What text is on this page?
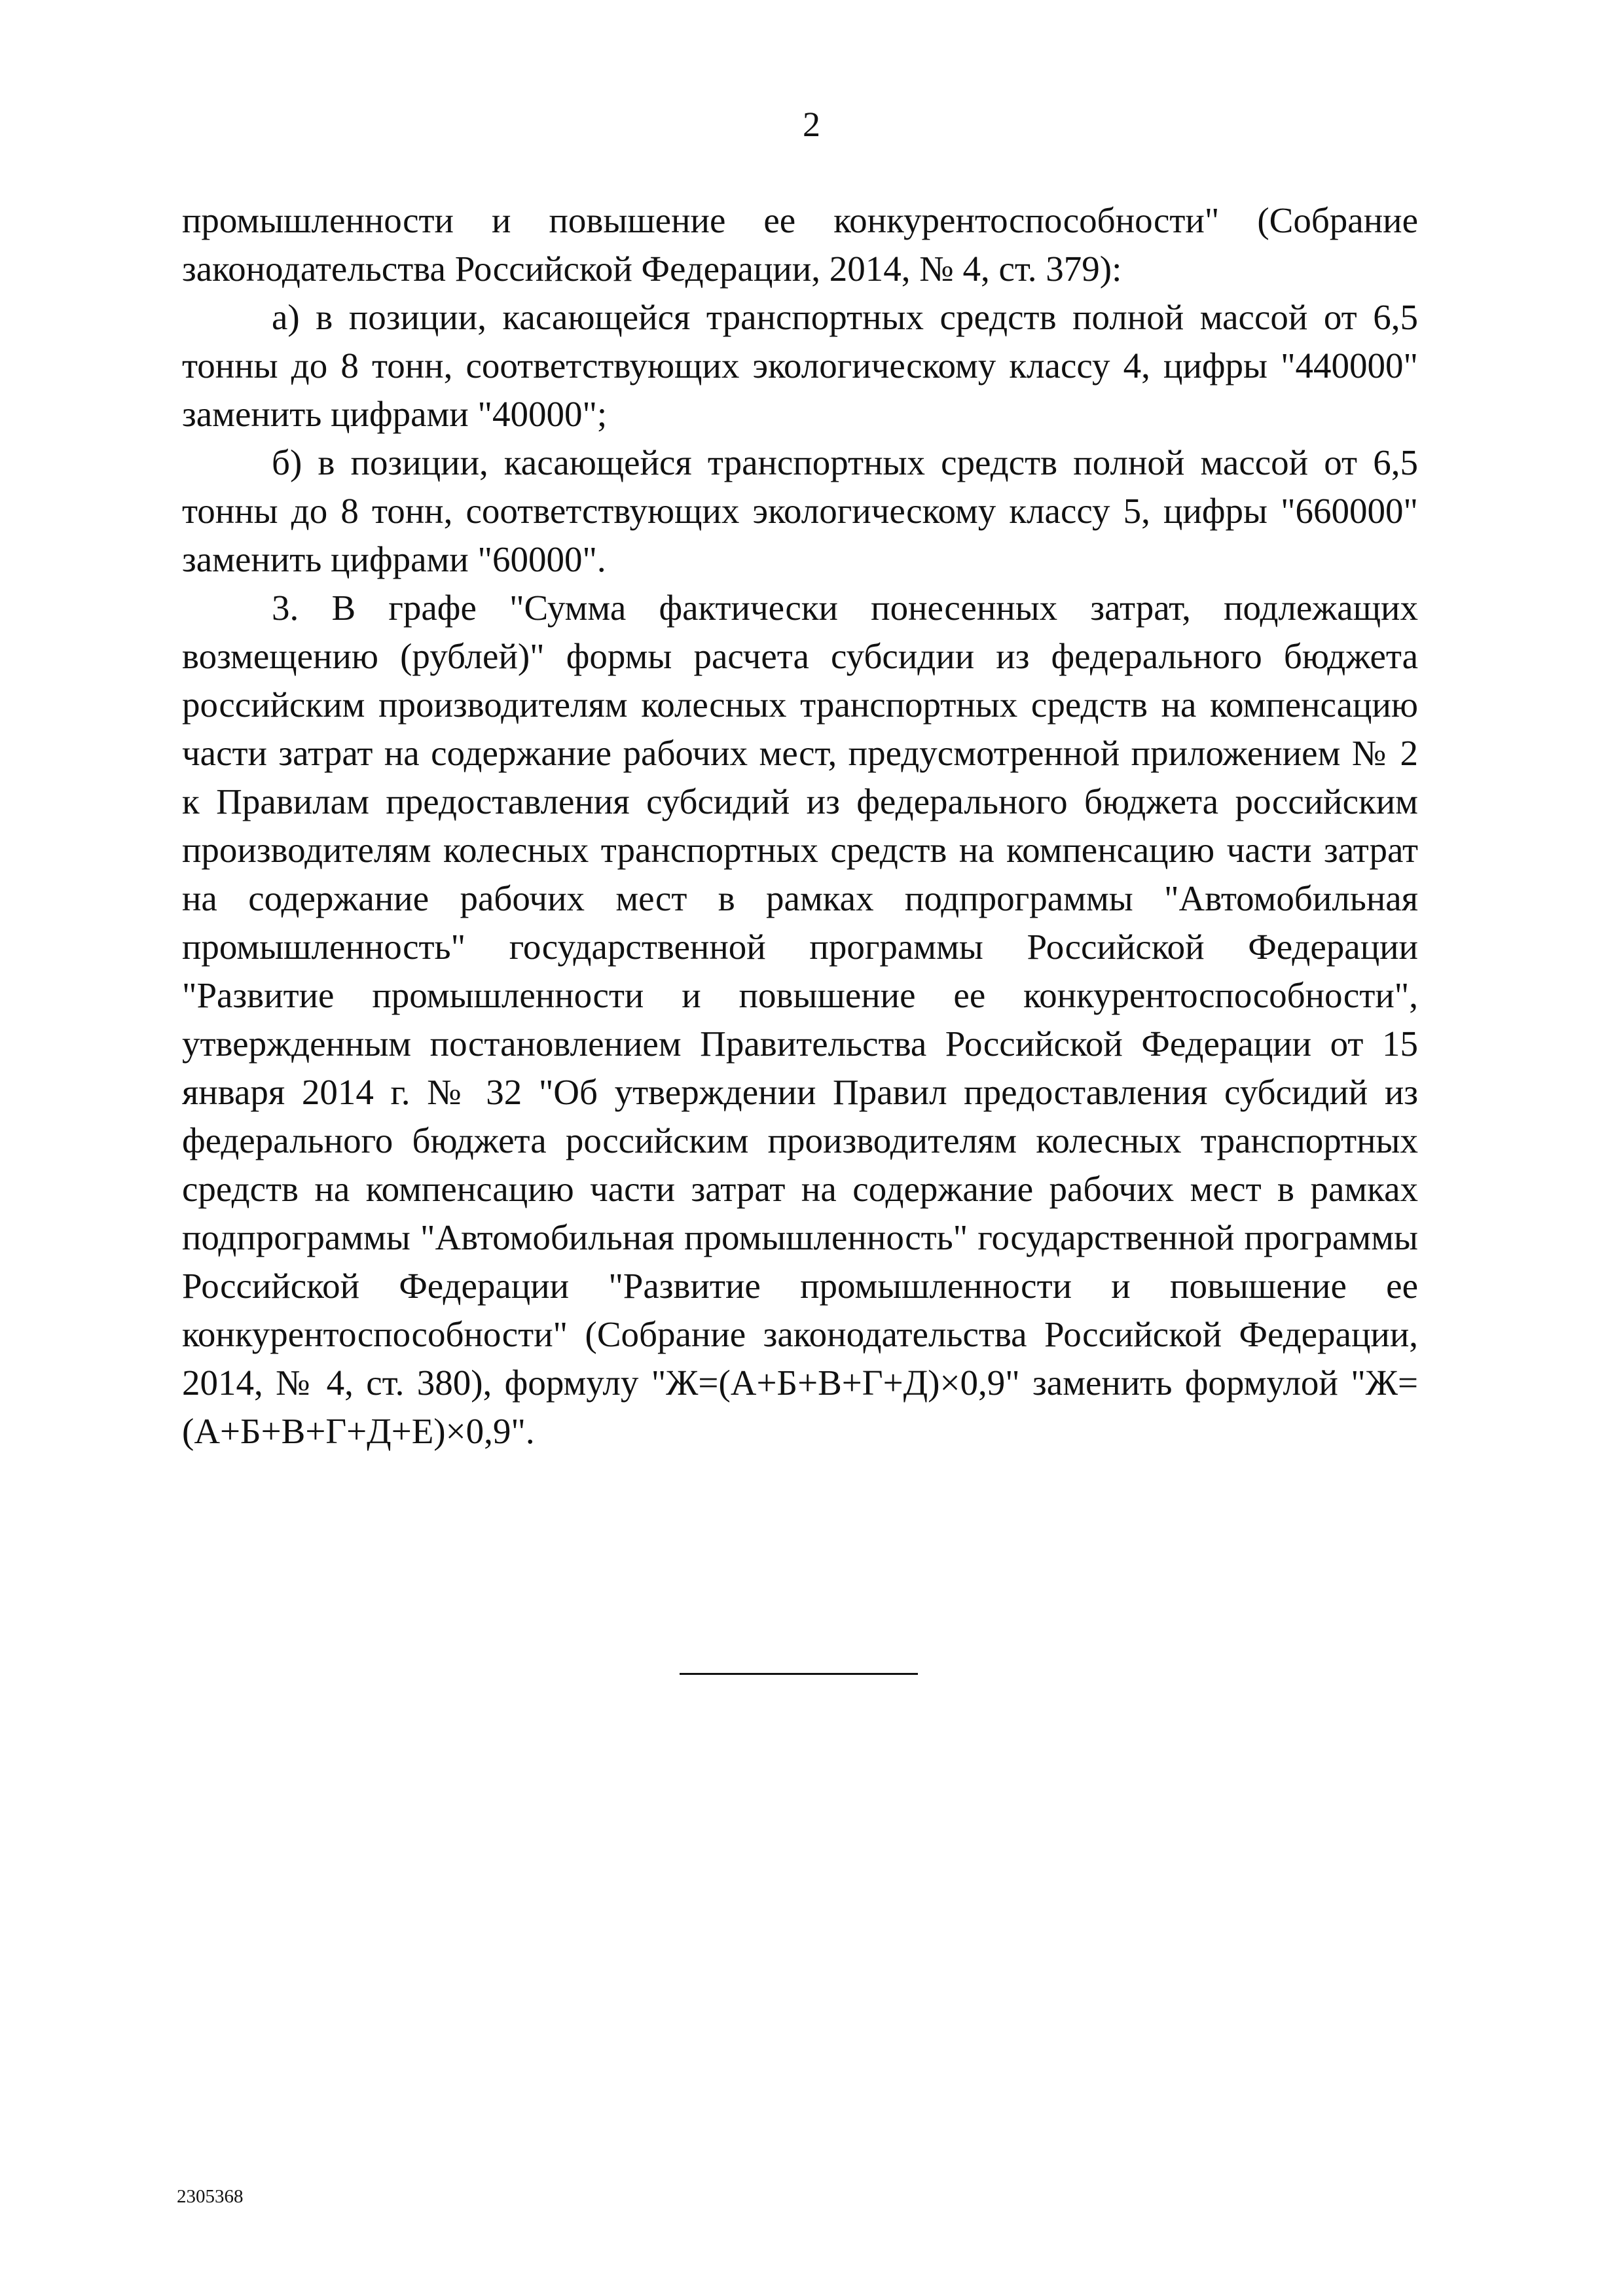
2

промышленности и повышение ее конкурентоспособности" (Собрание законодательства Российской Федерации, 2014, № 4, ст. 379):

а) в позиции, касающейся транспортных средств полной массой от 6,5 тонны до 8 тонн, соответствующих экологическому классу 4, цифры "440000" заменить цифрами "40000";

б) в позиции, касающейся транспортных средств полной массой от 6,5 тонны до 8 тонн, соответствующих экологическому классу 5, цифры "660000" заменить цифрами "60000".

3. В графе "Сумма фактически понесенных затрат, подлежащих возмещению (рублей)" формы расчета субсидии из федерального бюджета российским производителям колесных транспортных средств на компенсацию части затрат на содержание рабочих мест, предусмотренной приложением № 2 к Правилам предоставления субсидий из федерального бюджета российским производителям колесных транспортных средств на компенсацию части затрат на содержание рабочих мест в рамках подпрограммы "Автомобильная промышленность" государственной программы Российской Федерации "Развитие промышленности и повышение ее конкурентоспособности", утвержденным постановлением Правительства Российской Федерации от 15 января 2014 г. № 32 "Об утверждении Правил предоставления субсидий из федерального бюджета российским производителям колесных транспортных средств на компенсацию части затрат на содержание рабочих мест в рамках подпрограммы "Автомобильная промышленность" государственной программы Российской Федерации "Развитие промышленности и повышение ее конкурентоспособности" (Собрание законодательства Российской Федерации, 2014, № 4, ст. 380), формулу "Ж=(А+Б+В+Г+Д)×0,9" заменить формулой "Ж=(А+Б+В+Г+Д+Е)×0,9".

2305368
